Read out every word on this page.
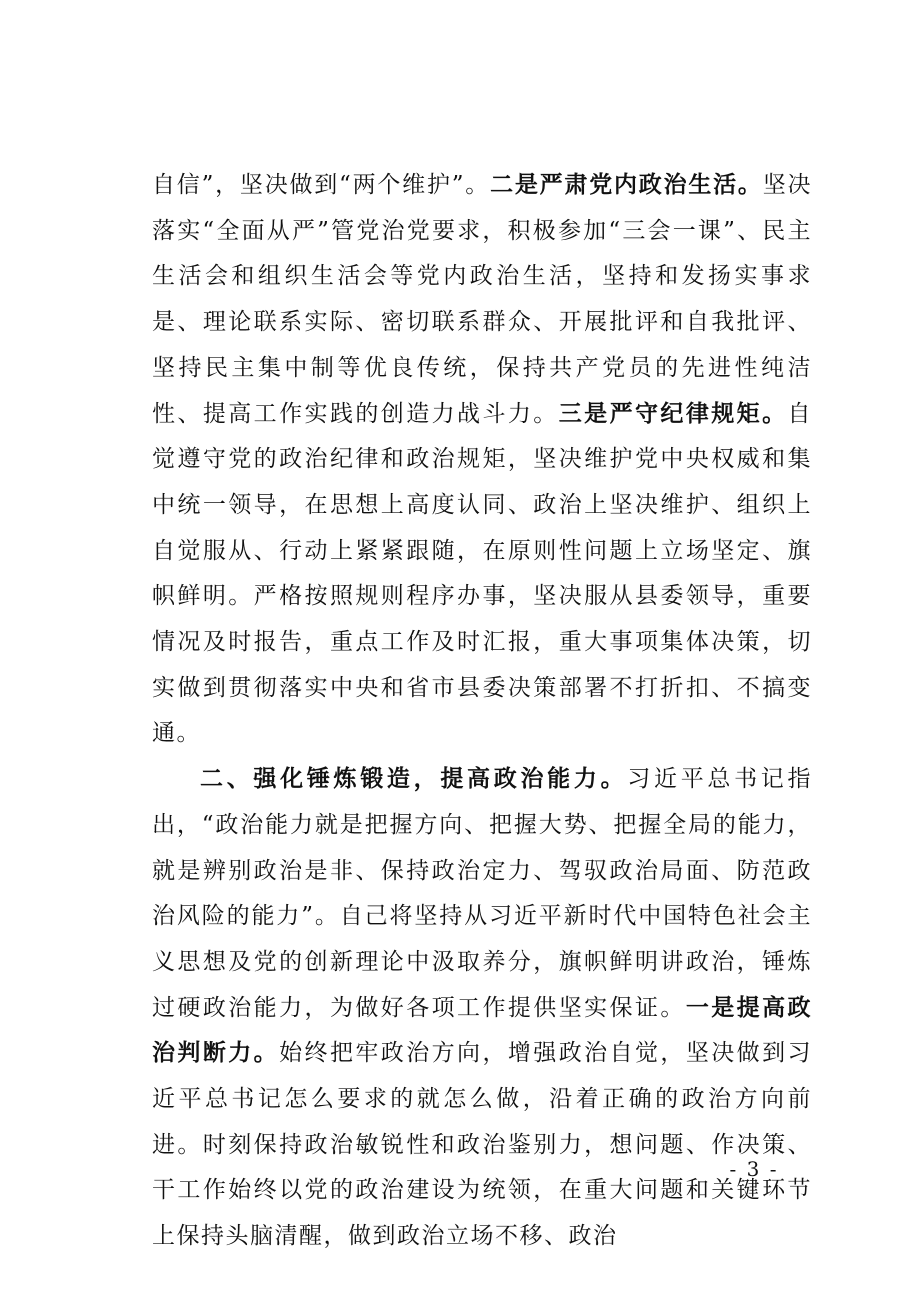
自信”，坚决做到“两个维护”。二是严肃党内政治生活。坚决落实“全面从严”管党治党要求，积极参加“三会一课”、民主生活会和组织生活会等党内政治生活，坚持和发扬实事求是、理论联系实际、密切联系群众、开展批评和自我批评、坚持民主集中制等优良传统，保持共产党员的先进性纯洁性、提高工作实践的创造力战斗力。三是严守纪律规矩。自觉遵守党的政治纪律和政治规矩，坚决维护党中央权威和集中统一领导，在思想上高度认同、政治上坚决维护、组织上自觉服从、行动上紧紧跟随，在原则性问题上立场坚定、旗帜鲜明。严格按照规则程序办事，坚决服从县委领导，重要情况及时报告，重点工作及时汇报，重大事项集体决策，切实做到贯彻落实中央和省市县委决策部署不打折扣、不搞变通。

二、强化锤炼锻造，提高政治能力。习近平总书记指出，“政治能力就是把握方向、把握大势、把握全局的能力，就是辨别政治是非、保持政治定力、驾驭政治局面、防范政治风险的能力”。自己将坚持从习近平新时代中国特色社会主义思想及党的创新理论中汲取养分，旗帜鲜明讲政治，锤炼过硬政治能力，为做好各项工作提供坚实保证。一是提高政治判断力。始终把牢政治方向，增强政治自觉，坚决做到习近平总书记怎么要求的就怎么做，沿着正确的政治方向前进。时刻保持政治敏锐性和政治鉴别力，想问题、作决策、干工作始终以党的政治建设为统领，在重大问题和关键环节上保持头脑清醒，做到政治立场不移、政治

- 3 -
